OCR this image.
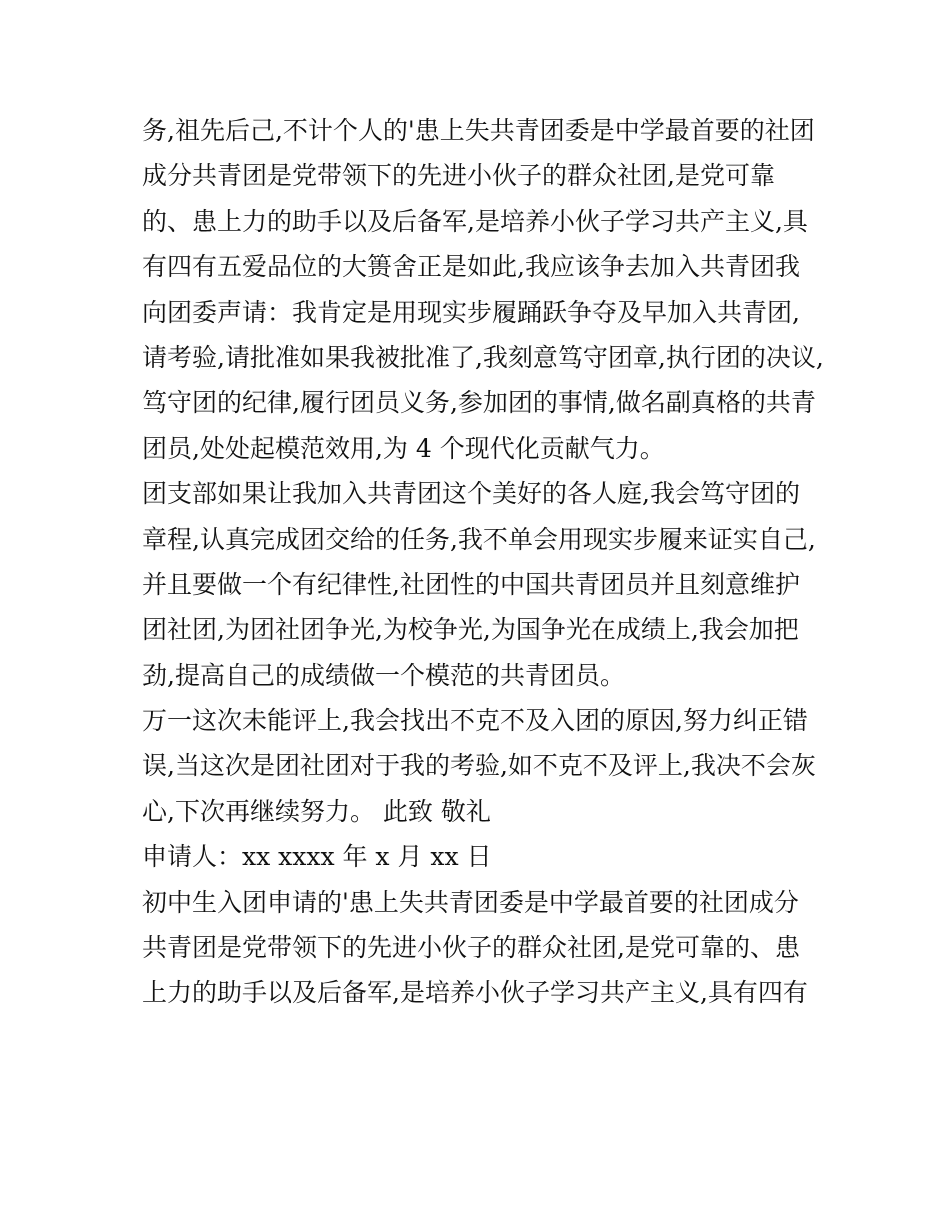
务,祖先后己,不计个人的'患上失共青团委是中学最首要的社团
成分共青团是党带领下的先进小伙子的群众社团,是党可靠
的、患上力的助手以及后备军,是培养小伙子学习共产主义,具
有四有五爱品位的大篑舍正是如此,我应该争去加入共青团我
向团委声请：我肯定是用现实步履踊跃争夺及早加入共青团,
请考验,请批准如果我被批准了,我刻意笃守团章,执行团的决议,
笃守团的纪律,履行团员义务,参加团的事情,做名副真格的共青
团员,处处起模范效用,为 4 个现代化贡献气力。
团支部如果让我加入共青团这个美好的各人庭,我会笃守团的
章程,认真完成团交给的任务,我不单会用现实步履来证实自己,
并且要做一个有纪律性,社团性的中国共青团员并且刻意维护
团社团,为团社团争光,为校争光,为国争光在成绩上,我会加把
劲,提高自己的成绩做一个模范的共青团员。
万一这次未能评上,我会找出不克不及入团的原因,努力纠正错
误,当这次是团社团对于我的考验,如不克不及评上,我决不会灰
心,下次再继续努力。 此致 敬礼
申请人：xx xxxx 年 x 月 xx 日
初中生入团申请的'患上失共青团委是中学最首要的社团成分
共青团是党带领下的先进小伙子的群众社团,是党可靠的、患
上力的助手以及后备军,是培养小伙子学习共产主义,具有四有
